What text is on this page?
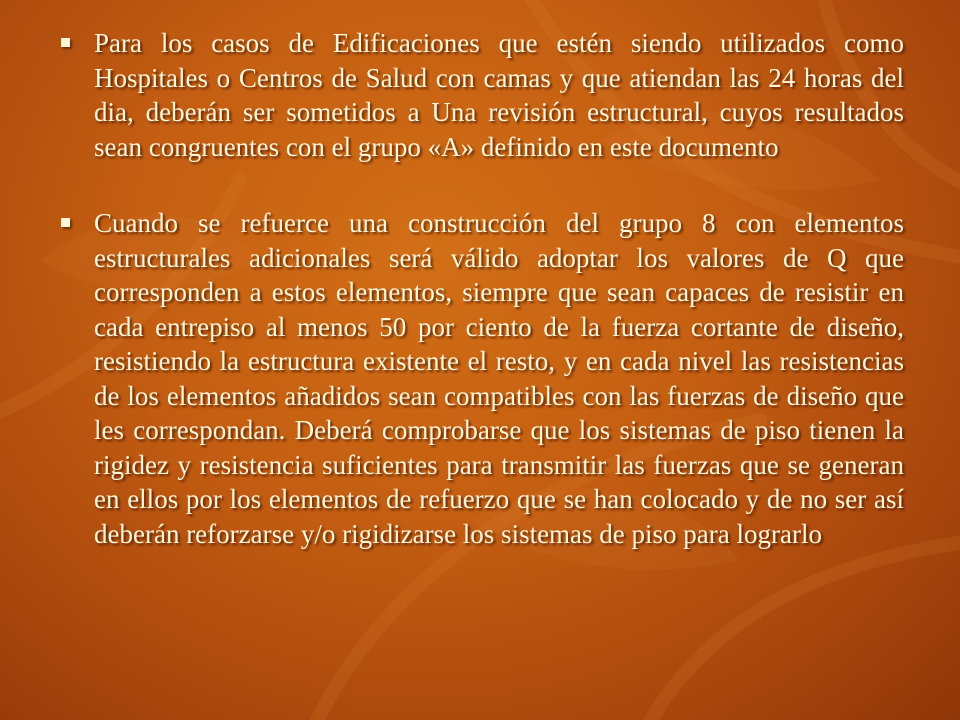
Para los casos de Edificaciones que estén siendo utilizados como Hospitales o Centros de Salud con camas y que atiendan las 24 horas del dia, deberán ser sometidos a Una revisión estructural, cuyos resultados sean congruentes con el grupo «A» definido en este documento
Cuando se refuerce una construcción del grupo 8 con elementos estructurales adicionales será válido adoptar los valores de Q que corresponden a estos elementos, siempre que sean capaces de resistir en cada entrepiso al menos 50 por ciento de la fuerza cortante de diseño, resistiendo la estructura existente el resto, y en cada nivel las resistencias de los elementos añadidos sean compatibles con las fuerzas de diseño que les correspondan. Deberá comprobarse que los sistemas de piso tienen la rigidez y resistencia suficientes para transmitir las fuerzas que se generan en ellos por los elementos de refuerzo que se han colocado y de no ser así deberán reforzarse y/o rigidizarse los sistemas de piso para lograrlo
